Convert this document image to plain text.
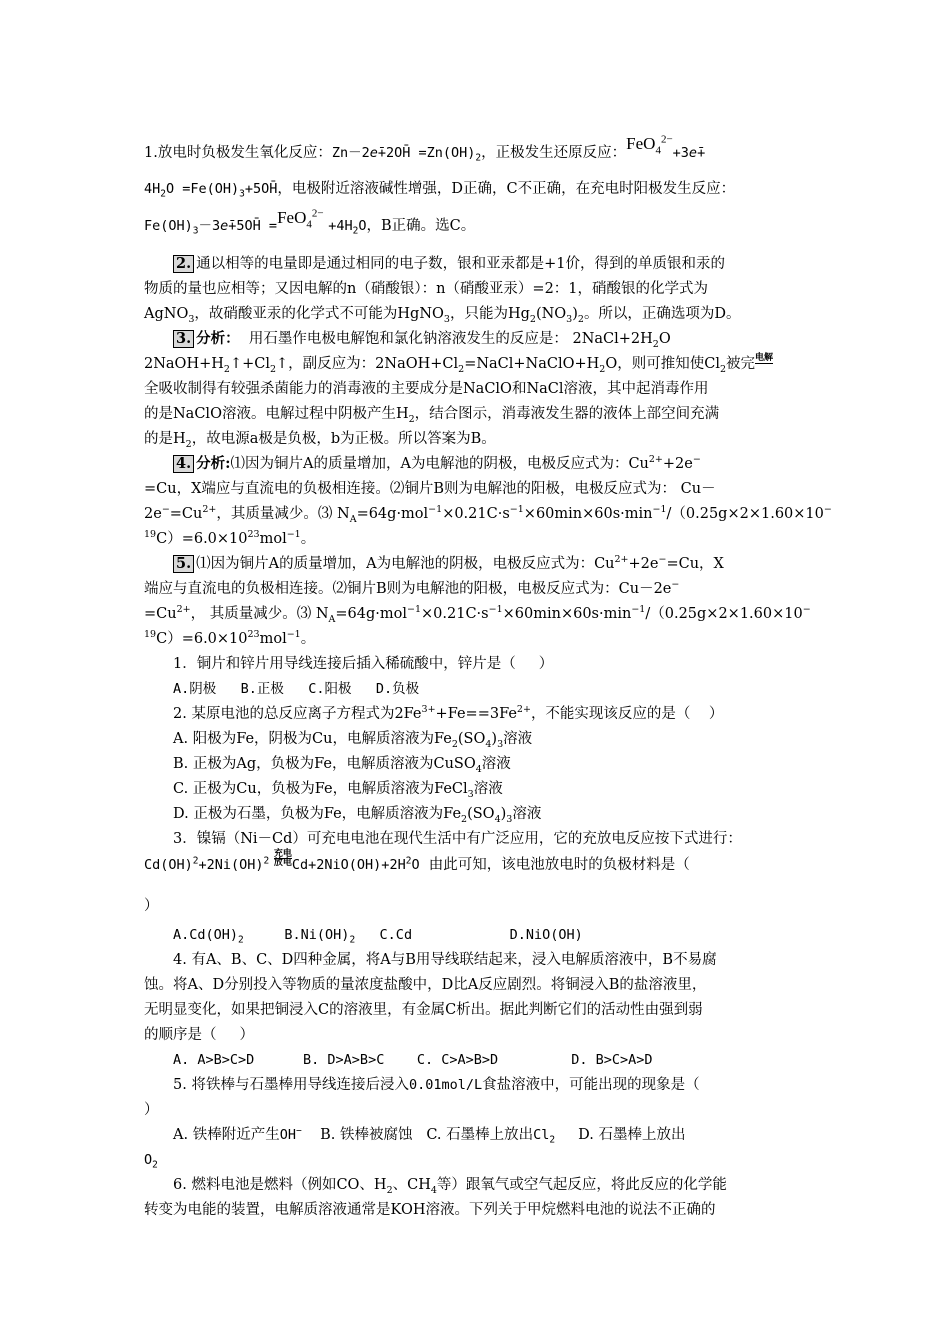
1.放电时负极发生氧化反应：Zn－2ē+2OH̄ $=Zn(OH)_2$，正极发生还原反应：FeO$_4^{2-}$+3ē+
$4H_2O$ $=Fe(OH)_3+5OH̄$，电极附近溶液碱性增强，D正确，C不正确，在充电时阳极发生反应：
$Fe(OH)_3-3ē+5OH̄ =FeO_4^{2-} +4H_2O$，B正确。选C。
2. 通以相等的电量即是通过相同的电子数，银和亚汞都是+1价，得到的单质银和汞的
物质的量也应相等；又因电解的n（硝酸银）：n（硝酸亚汞）=2：1，硝酸银的化学式为
AgNO$_3$，故硝酸亚汞的化学式不可能为HgNO$_3$，只能为$Hg_2(NO_3)_2$。所以，正确选项为D。
3. 分析：  用石墨作电极电解饱和氯化钠溶液发生的反应是： $2NaCl+2H_2O$
$2NaOH+H_2↑+Cl_2↑$，副反应为：$2NaOH+Cl_2=NaCl+NaClO+H_2O$，则可推知使$Cl_2$被完$^{电解}$
全吸收制得有较强杀菌能力的消毒液的主要成分是NaClO和NaCl溶液，其中起消毒作用
的是NaClO溶液。电解过程中阴极产生$H_2$，结合图示，消毒液发生器的液体上部空间充满
的是$H_2$，故电源a极是负极，b为正极。所以答案为B。
4. 分析:⑴因为铜片A的质量增加，A为电解池的阴极，电极反应式为：$Cu^{2+}+2e^-$
=Cu，X端应与直流电的负极相连接。⑵铜片B则为电解池的阳极，电极反应式为： Cu－
$2e^-=Cu^{2+}$，其质量减少。⑶ $N_A=64g\cdot mol^{-1}\times 0.21C\cdot s^{-1}\times 60\min\times 60s\cdot\min^{-1}/(0.25g\times 2\times 1.60\times 10^-$
$^{19}C)=6.0\times 10^{23}mol^{-1}$。
5. ⑴因为铜片A的质量增加，A为电解池的阴极，电极反应式为：$Cu^{2+}+2e^-=Cu$，X
端应与直流电的负极相连接。⑵铜片B则为电解池的阳极，电极反应式为：Cu－2e−
$=Cu^{2+}$， 其质量减少。⑶ $N_A=64g\cdot mol^{-1}\times 0.21C\cdot s^{-1}\times 60\min\times 60s\cdot\min^{-1}/(0.25g\times 2\times 1.60\times 10^-$
$^{19}C)=6.0\times 10^{23}mol^{-1}$。
1．铜片和锌片用导线连接后插入稀硫酸中，锌片是（     ）
A.阴极   B.正极   C.阳极   D.负极
2. 某原电池的总反应离子方程式为$2Fe^{3+}+Fe==3Fe^{2+}$，不能实现该反应的是（    ）
A. 阳极为Fe，阴极为Cu，电解质溶液为$Fe_2(SO_4)_3$溶液
B. 正极为Ag，负极为Fe，电解质溶液为CuSO$_4$溶液
C. 正极为Cu，负极为Fe，电解质溶液为FeCl$_3$溶液
D. 正极为石墨，负极为Fe，电解质溶液为$Fe_2(SO_4)_3$溶液
3．镍镉（Ni－Cd）可充电电池在现代生活中有广泛应用，它的充放电反应按下式进行：
Cd(OH)$^2$+2Ni(OH)$^2$
充电
放电 $Cd+2NiO(OH)+2H^2O$  由此可知，该电池放电时的负极材料是（
）
$A.Cd(OH)_2$     $B.Ni(OH)_2$   C.Cd            D.NiO(OH)
4. 有A、B、C、D四种金属，将A与B用导线联结起来，浸入电解质溶液中，B不易腐
蚀。将A、D分别投入等物质的量浓度盐酸中，D比A反应剧烈。将铜浸入B的盐溶液里，
无明显变化，如果把铜浸入C的溶液里，有金属C析出。据此判断它们的活动性由强到弱
的顺序是（     ）
A. A>B>C>D      B. D>A>B>C    C. C>A>B>D         D. B>C>A>D
5. 将铁棒与石墨棒用导线连接后浸入0.01mol/L食盐溶液中，可能出现的现象是（
）
A. 铁棒附近产生OH−    B. 铁棒被腐蚀   C. 石墨棒上放出$Cl_2$     D. 石墨棒上放出
$O_2$
6. 燃料电池是燃料（例如CO、$H_2$、$CH_4$等）跟氧气或空气起反应，将此反应的化学能
转变为电能的装置，电解质溶液通常是KOH溶液。下列关于甲烷燃料电池的说法不正确的
